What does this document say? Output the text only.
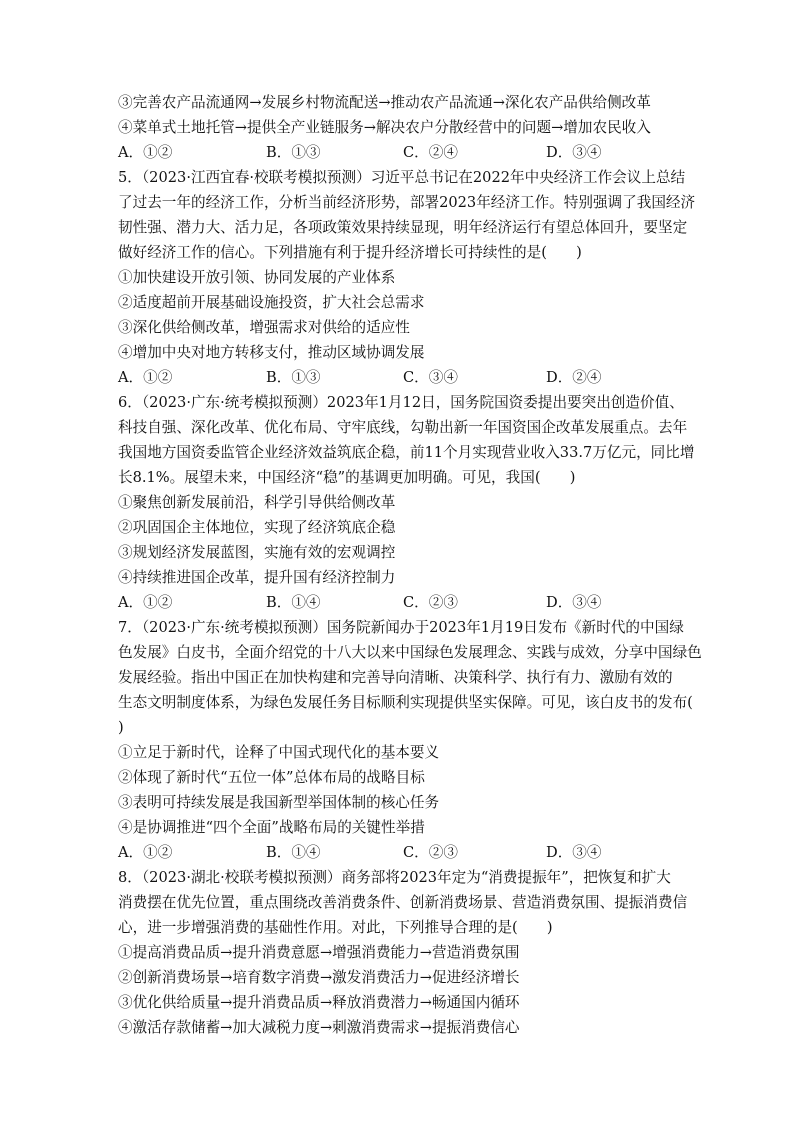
③完善农产品流通网→发展乡村物流配送→推动农产品流通→深化农产品供给侧改革
④菜单式土地托管→提供全产业链服务→解决农户分散经营中的问题→增加农民收入
A．①②	B．①③	C．②④	D．③④
5．（2023·江西宜春·校联考模拟预测）习近平总书记在2022年中央经济工作会议上总结
了过去一年的经济工作，分析当前经济形势，部署2023年经济工作。特别强调了我国经济
韧性强、潜力大、活力足，各项政策效果持续显现，明年经济运行有望总体回升，要坚定
做好经济工作的信心。下列措施有利于提升经济增长可持续性的是(　　)
①加快建设开放引领、协同发展的产业体系
②适度超前开展基础设施投资，扩大社会总需求
③深化供给侧改革，增强需求对供给的适应性
④增加中央对地方转移支付，推动区域协调发展
A．①②	B．①③	C．③④	D．②④
6．（2023·广东·统考模拟预测）2023年1月12日，国务院国资委提出要突出创造价值、
科技自强、深化改革、优化布局、守牢底线，勾勒出新一年国资国企改革发展重点。去年
我国地方国资委监管企业经济效益筑底企稳，前11个月实现营业收入33.7万亿元，同比增
长8.1%。展望未来，中国经济“稳”的基调更加明确。可见，我国(　　)
①聚焦创新发展前沿，科学引导供给侧改革
②巩固国企主体地位，实现了经济筑底企稳
③规划经济发展蓝图，实施有效的宏观调控
④持续推进国企改革，提升国有经济控制力
A．①②	B．①④	C．②③	D．③④
7．（2023·广东·统考模拟预测）国务院新闻办于2023年1月19日发布《新时代的中国绿
色发展》白皮书，全面介绍党的十八大以来中国绿色发展理念、实践与成效，分享中国绿色
发展经验。指出中国正在加快构建和完善导向清晰、决策科学、执行有力、激励有效的
生态文明制度体系，为绿色发展任务目标顺利实现提供坚实保障。可见，该白皮书的发布(
)
①立足于新时代，诠释了中国式现代化的基本要义
②体现了新时代“五位一体”总体布局的战略目标
③表明可持续发展是我国新型举国体制的核心任务
④是协调推进“四个全面”战略布局的关键性举措
A．①②	B．①④	C．②③	D．③④
8．（2023·湖北·校联考模拟预测）商务部将2023年定为“消费提振年”，把恢复和扩大
消费摆在优先位置，重点围绕改善消费条件、创新消费场景、营造消费氛围、提振消费信
心，进一步增强消费的基础性作用。对此，下列推导合理的是(　　)
①提高消费品质→提升消费意愿→增强消费能力→营造消费氛围
②创新消费场景→培育数字消费→激发消费活力→促进经济增长
③优化供给质量→提升消费品质→释放消费潜力→畅通国内循环
④激活存款储蓄→加大减税力度→刺激消费需求→提振消费信心
